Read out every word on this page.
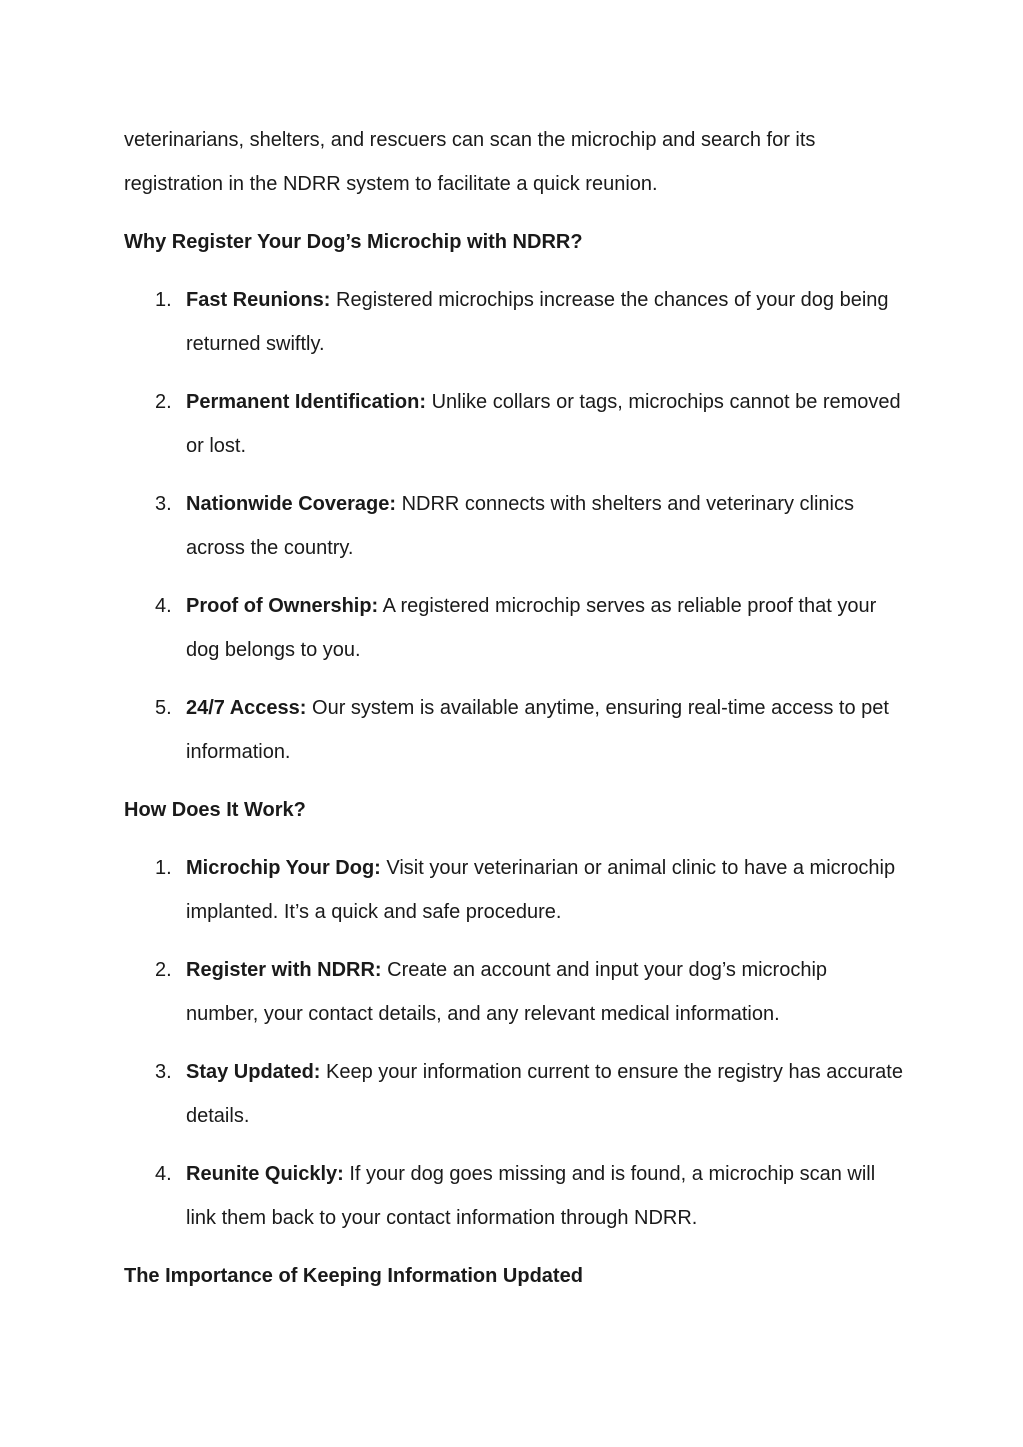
veterinarians, shelters, and rescuers can scan the microchip and search for its
registration in the NDRR system to facilitate a quick reunion.

Why Register Your Dog’s Microchip with NDRR?

1. Fast Reunions: Registered microchips increase the chances of your dog being returned swiftly.
2. Permanent Identification: Unlike collars or tags, microchips cannot be removed or lost.
3. Nationwide Coverage: NDRR connects with shelters and veterinary clinics across the country.
4. Proof of Ownership: A registered microchip serves as reliable proof that your dog belongs to you.
5. 24/7 Access: Our system is available anytime, ensuring real-time access to pet information.

How Does It Work?

1. Microchip Your Dog: Visit your veterinarian or animal clinic to have a microchip implanted. It’s a quick and safe procedure.
2. Register with NDRR: Create an account and input your dog’s microchip number, your contact details, and any relevant medical information.
3. Stay Updated: Keep your information current to ensure the registry has accurate details.
4. Reunite Quickly: If your dog goes missing and is found, a microchip scan will link them back to your contact information through NDRR.

The Importance of Keeping Information Updated
